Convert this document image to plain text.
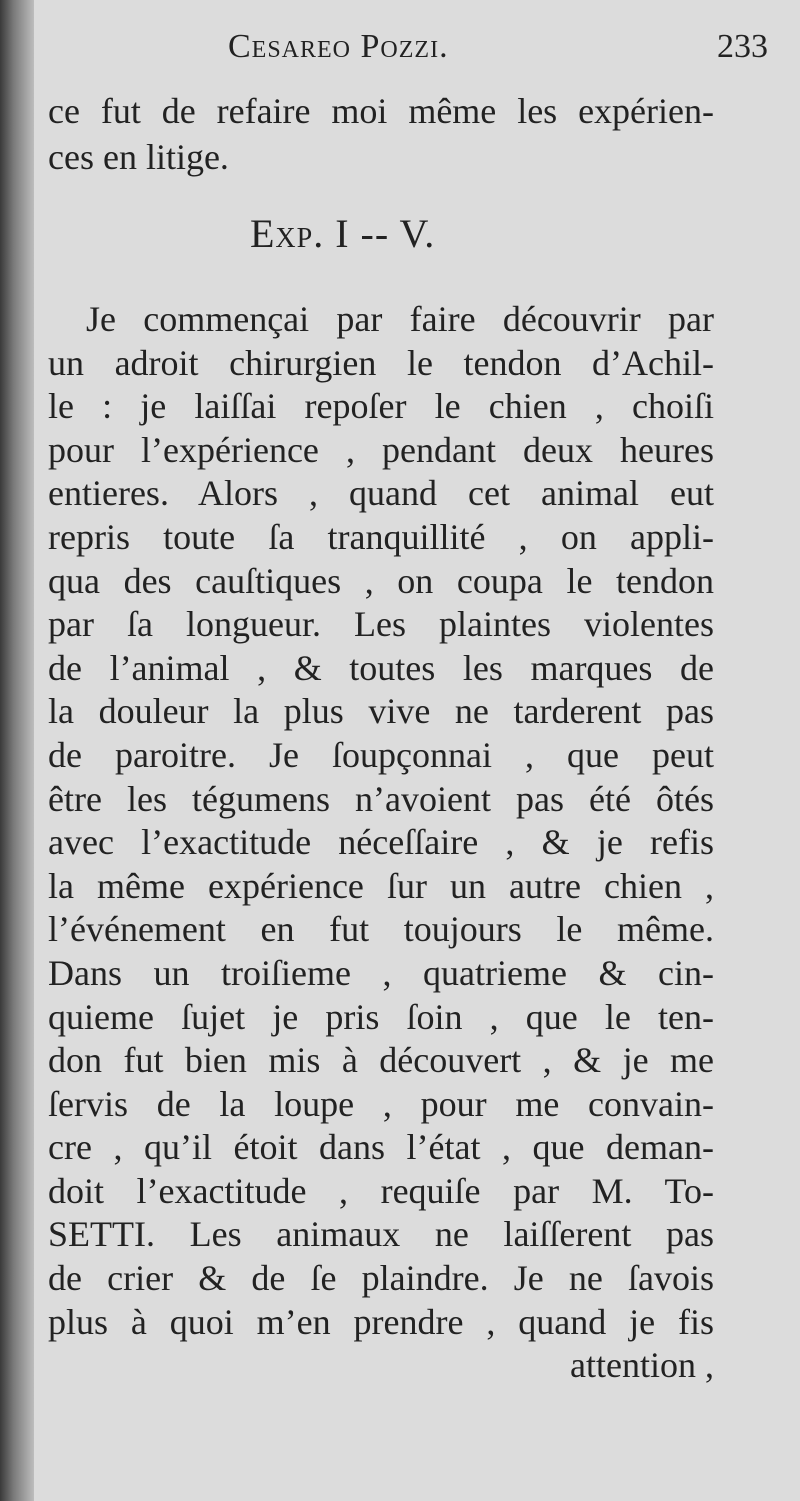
Cesareo Pozzi.	233
ce fut de refaire moi même les expérien-
ces en litige.
Exp. I -- V.
Je commençai par faire découvrir par
un adroit chirurgien le tendon d’Achil-
le : je laiſſai repoſer le chien , choiſi
pour l’expérience , pendant deux heures
entieres. Alors , quand cet animal eut
repris toute ſa tranquillité , on appli-
qua des cauſtiques , on coupa le tendon
par ſa longueur. Les plaintes violentes
de l’animal , & toutes les marques de
la douleur la plus vive ne tarderent pas
de paroitre. Je ſoupçonnai , que peut
être les tégumens n’avoient pas été ôtés
avec l’exactitude néceſſaire , & je refis
la même expérience ſur un autre chien ,
l’événement en fut toujours le même.
Dans un troiſieme , quatrieme & cin-
quieme ſujet je pris ſoin , que le ten-
don fut bien mis à découvert , & je me
ſervis de la loupe , pour me convain-
cre , qu’il étoit dans l’état , que deman-
doit l’exactitude , requiſe par M. To-
SETTI. Les animaux ne laiſſerent pas
de crier & de ſe plaindre. Je ne ſavois
plus à quoi m’en prendre , quand je fis
attention ,
